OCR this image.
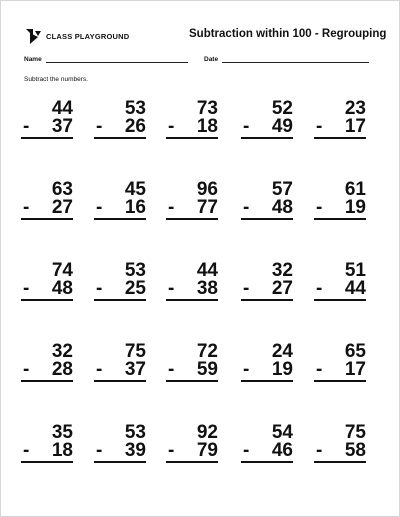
CLASS PLAYGROUND	Subtraction within 100 - Regrouping
Name	Date
Subtract the numbers.
44
- 37
53
- 26
73
- 18
52
- 49
23
- 17
63
- 27
45
- 16
96
- 77
57
- 48
61
- 19
74
- 48
53
- 25
44
- 38
32
- 27
51
- 44
32
- 28
75
- 37
72
- 59
24
- 19
65
- 17
35
- 18
53
- 39
92
- 79
54
- 46
75
- 58
